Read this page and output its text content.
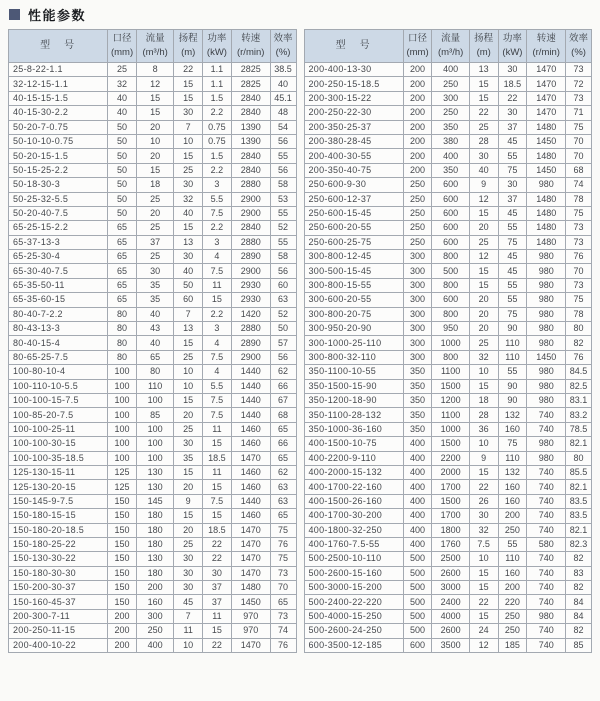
性能参数
型　号	
口径
(mm)

流量
(m³/h)

扬程
(m)

功率
(kW)

转速
(r/min)

效率
(%)

25-8-22-1.1	25	8	22	1.1	2825	38.5
32-12-15-1.1	32	12	15	1.1	2825	40
40-15-15-1.5	40	15	15	1.5	2840	45.1
40-15-30-2.2	40	15	30	2.2	2840	48
50-20-7-0.75	50	20	7	0.75	1390	54
50-10-10-0.75	50	10	10	0.75	1390	56
50-20-15-1.5	50	20	15	1.5	2840	55
50-15-25-2.2	50	15	25	2.2	2840	56
50-18-30-3	50	18	30	3	2880	58
50-25-32-5.5	50	25	32	5.5	2900	53
50-20-40-7.5	50	20	40	7.5	2900	55
65-25-15-2.2	65	25	15	2.2	2840	52
65-37-13-3	65	37	13	3	2880	55
65-25-30-4	65	25	30	4	2890	58
65-30-40-7.5	65	30	40	7.5	2900	56
65-35-50-11	65	35	50	11	2930	60
65-35-60-15	65	35	60	15	2930	63
80-40-7-2.2	80	40	7	2.2	1420	52
80-43-13-3	80	43	13	3	2880	50
80-40-15-4	80	40	15	4	2890	57
80-65-25-7.5	80	65	25	7.5	2900	56
100-80-10-4	100	80	10	4	1440	62
100-110-10-5.5	100	110	10	5.5	1440	66
100-100-15-7.5	100	100	15	7.5	1440	67
100-85-20-7.5	100	85	20	7.5	1440	68
100-100-25-11	100	100	25	11	1460	65
100-100-30-15	100	100	30	15	1460	66
100-100-35-18.5	100	100	35	18.5	1470	65
125-130-15-11	125	130	15	11	1460	62
125-130-20-15	125	130	20	15	1460	63
150-145-9-7.5	150	145	9	7.5	1440	63
150-180-15-15	150	180	15	15	1460	65
150-180-20-18.5	150	180	20	18.5	1470	75
150-180-25-22	150	180	25	22	1470	76
150-130-30-22	150	130	30	22	1470	75
150-180-30-30	150	180	30	30	1470	73
150-200-30-37	150	200	30	37	1480	70
150-160-45-37	150	160	45	37	1450	65
200-300-7-11	200	300	7	11	970	73
200-250-11-15	200	250	11	15	970	74
200-400-10-22	200	400	10	22	1470	76
型　号	
口径
(mm)

流量
(m³/h)

扬程
(m)

功率
(kW)

转速
(r/min)

效率
(%)

200-400-13-30	200	400	13	30	1470	73
200-250-15-18.5	200	250	15	18.5	1470	72
200-300-15-22	200	300	15	22	1470	73
200-250-22-30	200	250	22	30	1470	71
200-350-25-37	200	350	25	37	1480	75
200-380-28-45	200	380	28	45	1450	70
200-400-30-55	200	400	30	55	1480	70
200-350-40-75	200	350	40	75	1450	68
250-600-9-30	250	600	9	30	980	74
250-600-12-37	250	600	12	37	1480	78
250-600-15-45	250	600	15	45	1480	75
250-600-20-55	250	600	20	55	1480	73
250-600-25-75	250	600	25	75	1480	73
300-800-12-45	300	800	12	45	980	76
300-500-15-45	300	500	15	45	980	70
300-800-15-55	300	800	15	55	980	73
300-600-20-55	300	600	20	55	980	75
300-800-20-75	300	800	20	75	980	78
300-950-20-90	300	950	20	90	980	80
300-1000-25-110	300	1000	25	110	980	82
300-800-32-110	300	800	32	110	1450	76
350-1100-10-55	350	1100	10	55	980	84.5
350-1500-15-90	350	1500	15	90	980	82.5
350-1200-18-90	350	1200	18	90	980	83.1
350-1100-28-132	350	1100	28	132	740	83.2
350-1000-36-160	350	1000	36	160	740	78.5
400-1500-10-75	400	1500	10	75	980	82.1
400-2200-9-110	400	2200	9	110	980	80
400-2000-15-132	400	2000	15	132	740	85.5
400-1700-22-160	400	1700	22	160	740	82.1
400-1500-26-160	400	1500	26	160	740	83.5
400-1700-30-200	400	1700	30	200	740	83.5
400-1800-32-250	400	1800	32	250	740	82.1
400-1760-7.5-55	400	1760	7.5	55	580	82.3
500-2500-10-110	500	2500	10	110	740	82
500-2600-15-160	500	2600	15	160	740	83
500-3000-15-200	500	3000	15	200	740	82
500-2400-22-220	500	2400	22	220	740	84
500-4000-15-250	500	4000	15	250	980	84
500-2600-24-250	500	2600	24	250	740	82
600-3500-12-185	600	3500	12	185	740	85
